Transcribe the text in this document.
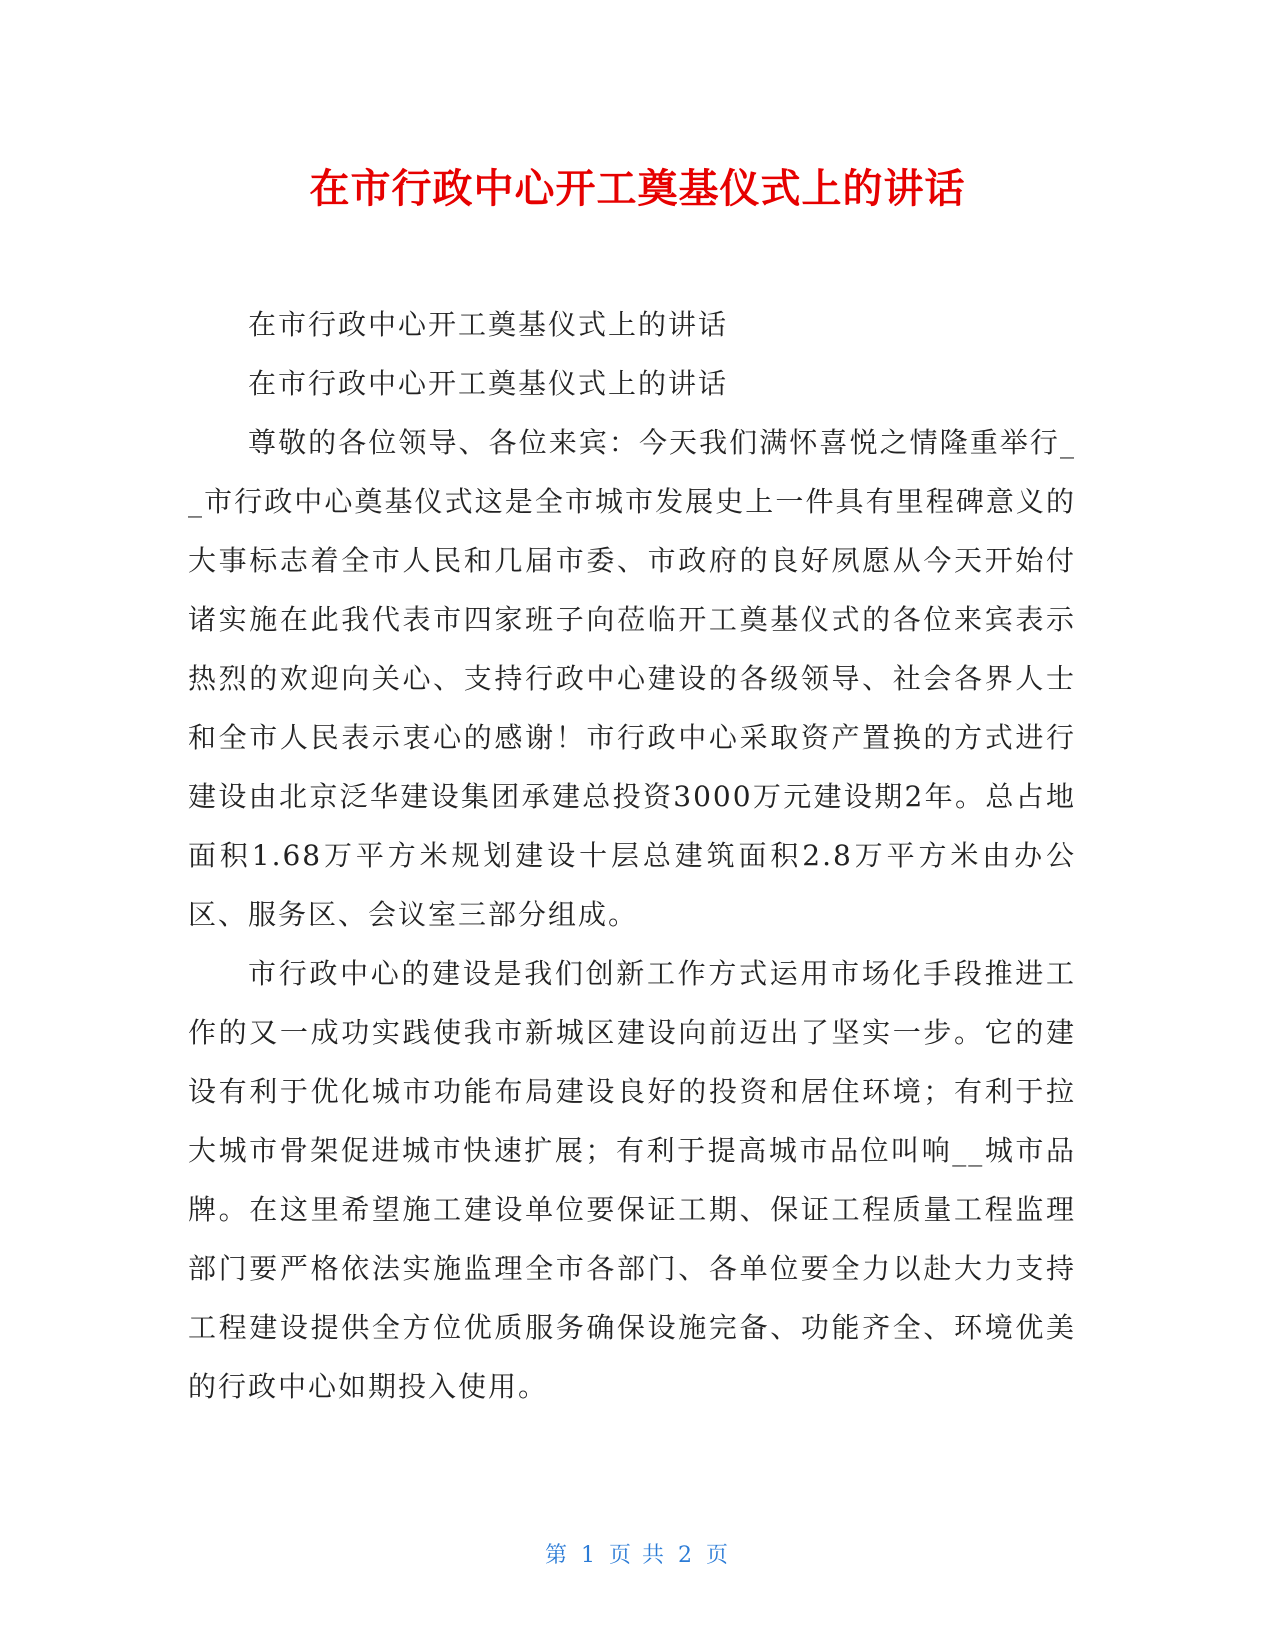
在市行政中心开工奠基仪式上的讲话

在市行政中心开工奠基仪式上的讲话

在市行政中心开工奠基仪式上的讲话

尊敬的各位领导、各位来宾：今天我们满怀喜悦之情隆重举行__市行政中心奠基仪式这是全市城市发展史上一件具有里程碑意义的大事标志着全市人民和几届市委、市政府的良好夙愿从今天开始付诸实施在此我代表市四家班子向莅临开工奠基仪式的各位来宾表示热烈的欢迎向关心、支持行政中心建设的各级领导、社会各界人士和全市人民表示衷心的感谢！市行政中心采取资产置换的方式进行建设由北京泛华建设集团承建总投资3000万元建设期2年。总占地面积1.68万平方米规划建设十层总建筑面积2.8万平方米由办公区、服务区、会议室三部分组成。

市行政中心的建设是我们创新工作方式运用市场化手段推进工作的又一成功实践使我市新城区建设向前迈出了坚实一步。它的建设有利于优化城市功能布局建设良好的投资和居住环境；有利于拉大城市骨架促进城市快速扩展；有利于提高城市品位叫响__城市品牌。在这里希望施工建设单位要保证工期、保证工程质量工程监理部门要严格依法实施监理全市各部门、各单位要全力以赴大力支持工程建设提供全方位优质服务确保设施完备、功能齐全、环境优美的行政中心如期投入使用。

第 1 页 共 2 页
